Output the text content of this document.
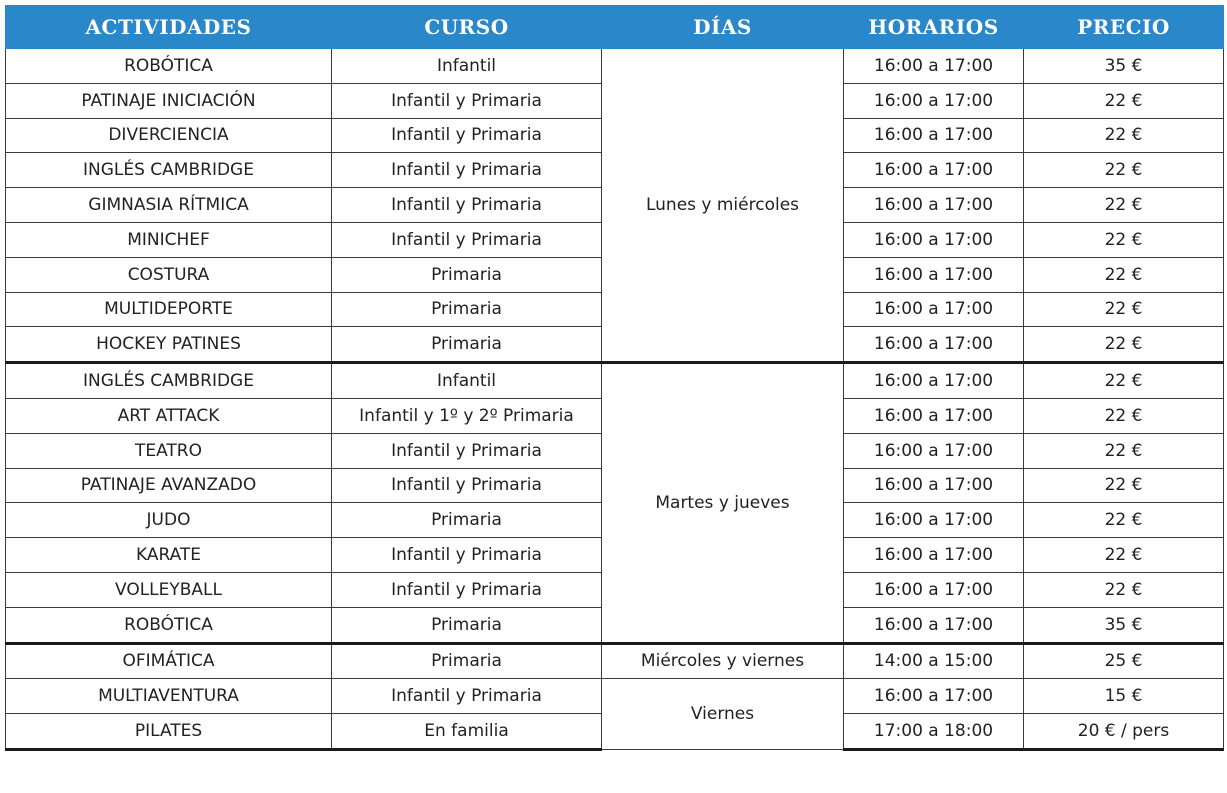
ACTIVIDADES	CURSO	DÍAS	HORARIOS	PRECIO
ROBÓTICA	Infantil	Lunes y miércoles	16:00 a 17:00	35 €
PATINAJE INICIACIÓN	Infantil y Primaria		16:00 a 17:00	22 €
DIVERCIENCIA	Infantil y Primaria		16:00 a 17:00	22 €
INGLÉS CAMBRIDGE	Infantil y Primaria		16:00 a 17:00	22 €
GIMNASIA RÍTMICA	Infantil y Primaria		16:00 a 17:00	22 €
MINICHEF	Infantil y Primaria		16:00 a 17:00	22 €
COSTURA	Primaria		16:00 a 17:00	22 €
MULTIDEPORTE	Primaria		16:00 a 17:00	22 €
HOCKEY PATINES	Primaria		16:00 a 17:00	22 €
INGLÉS CAMBRIDGE	Infantil	Martes y jueves	16:00 a 17:00	22 €
ART ATTACK	Infantil y 1º y 2º Primaria		16:00 a 17:00	22 €
TEATRO	Infantil y Primaria		16:00 a 17:00	22 €
PATINAJE AVANZADO	Infantil y Primaria		16:00 a 17:00	22 €
JUDO	Primaria		16:00 a 17:00	22 €
KARATE	Infantil y Primaria		16:00 a 17:00	22 €
VOLLEYBALL	Infantil y Primaria		16:00 a 17:00	22 €
ROBÓTICA	Primaria		16:00 a 17:00	35 €
OFIMÁTICA	Primaria	Miércoles y viernes	14:00 a 15:00	25 €
MULTIAVENTURA	Infantil y Primaria	Viernes	16:00 a 17:00	15 €
PILATES	En familia		17:00 a 18:00	20 € / pers
